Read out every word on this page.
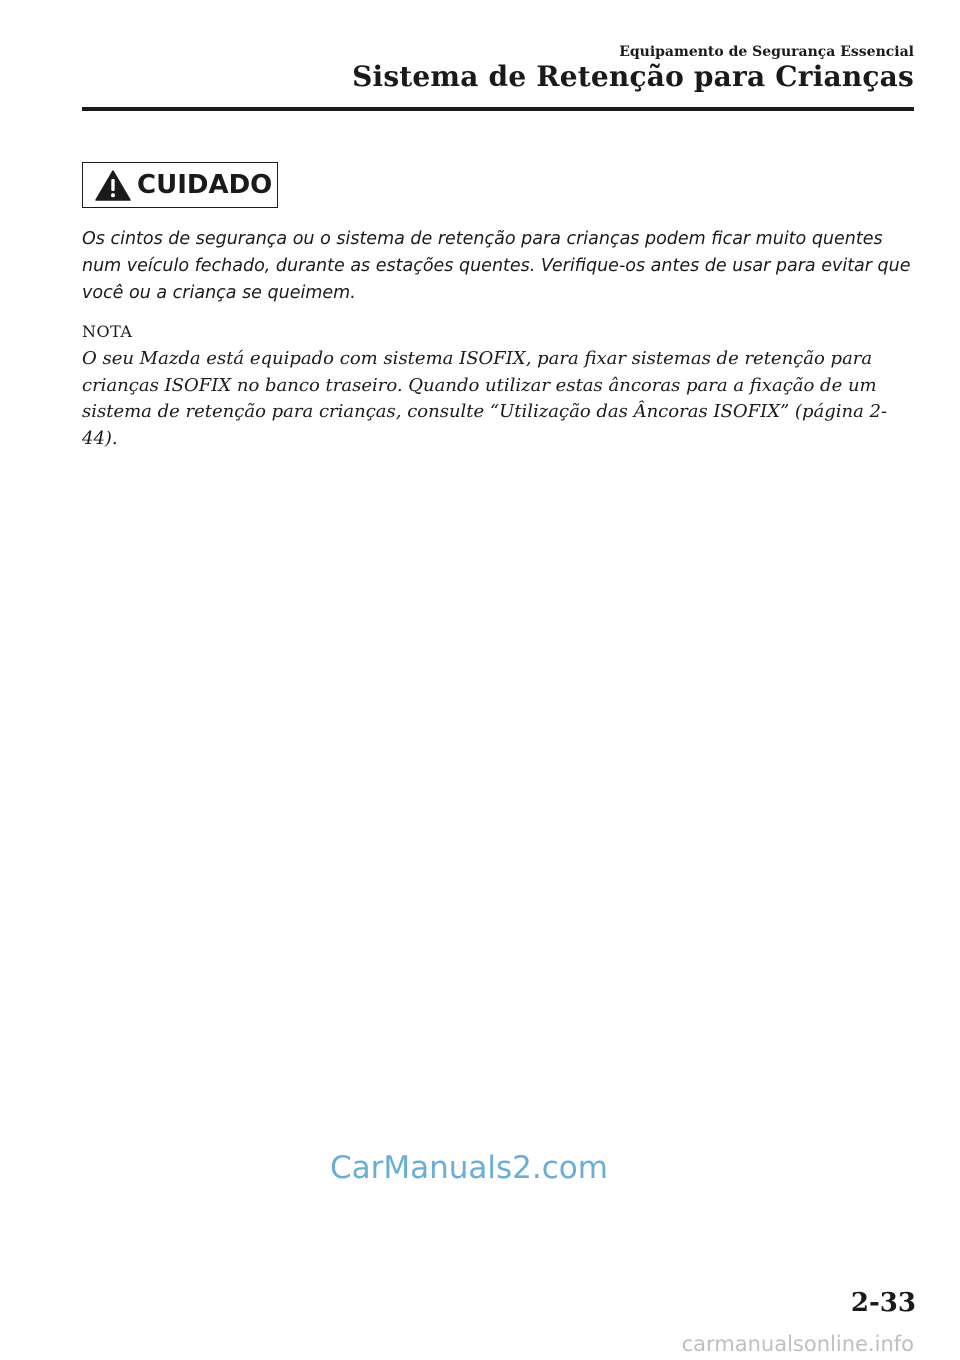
Equipamento de Segurança Essencial
Sistema de Retenção para Crianças
CUIDADO
Os cintos de segurança ou o sistema de retenção para crianças podem ficar muito quentes num veículo fechado, durante as estações quentes. Verifique-os antes de usar para evitar que você ou a criança se queimem.
NOTA
O seu Mazda está equipado com sistema ISOFIX, para fixar sistemas de retenção para crianças ISOFIX no banco traseiro. Quando utilizar estas âncoras para a fixação de um sistema de retenção para crianças, consulte “Utilização das Âncoras ISOFIX” (página 2-44).
CarManuals2.com
2-33
carmanualsonline.info
